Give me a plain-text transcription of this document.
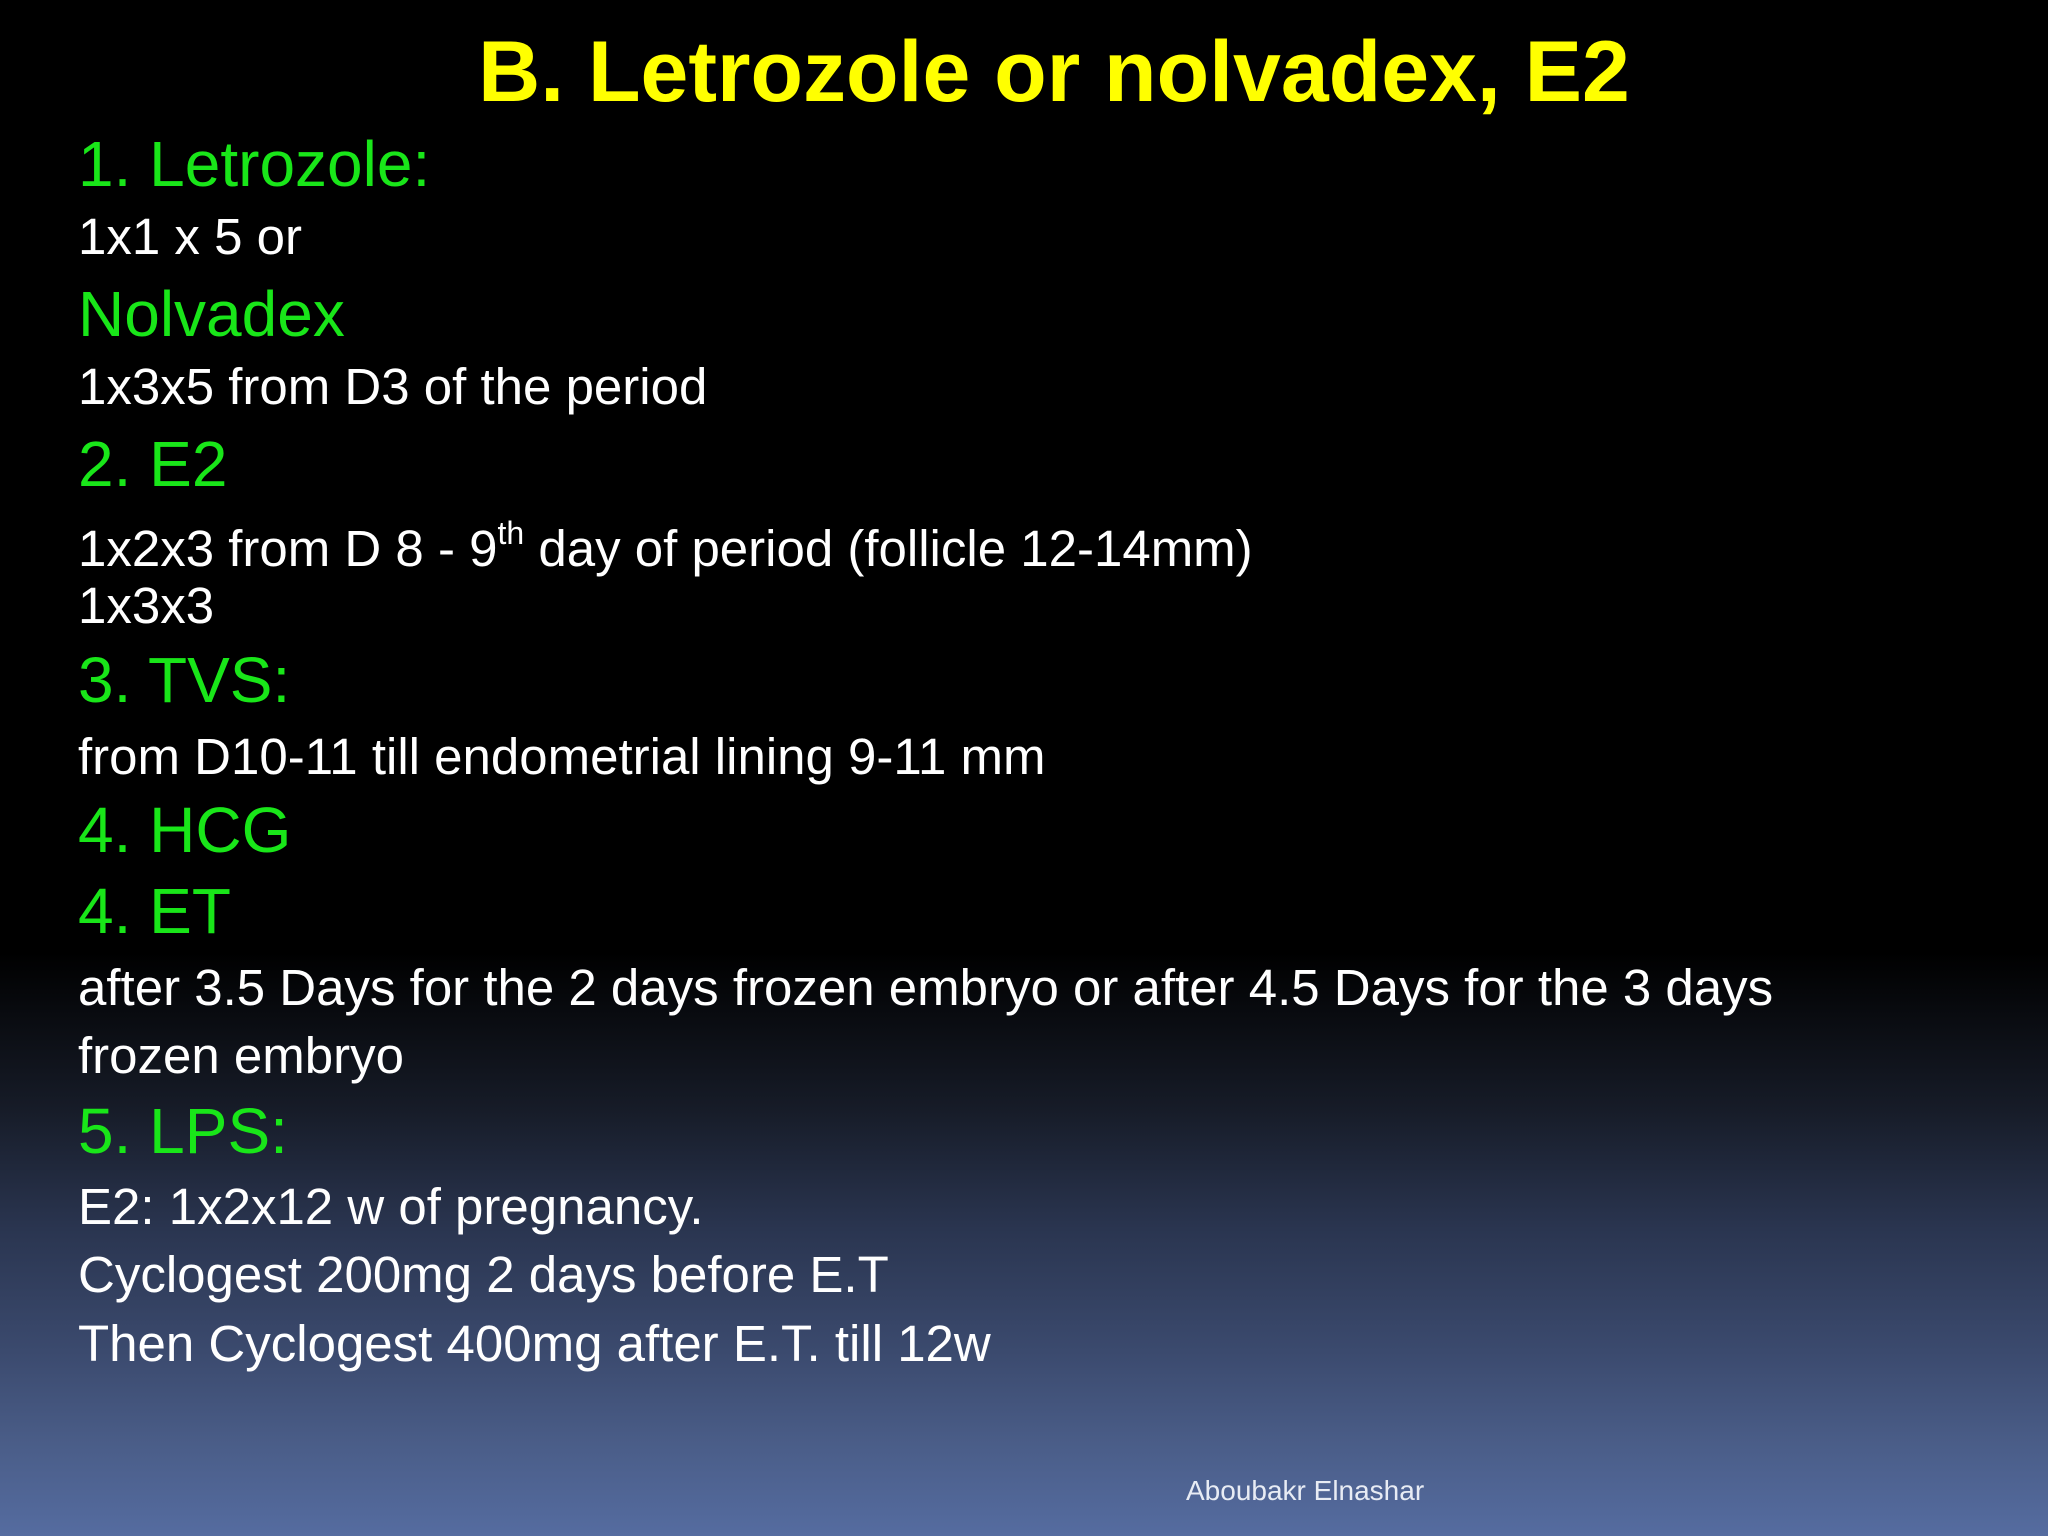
B. Letrozole or nolvadex, E2
1. Letrozole:
1x1 x 5 or
Nolvadex
1x3x5 from D3 of the period
2. E2
1x2x3 from D 8 - 9th day of period (follicle 12-14mm)
1x3x3
3. TVS:
from D10-11 till endometrial lining 9-11 mm
4. HCG
4. ET
after 3.5 Days for the 2 days frozen embryo or after 4.5 Days for the 3 days
frozen embryo
5. LPS:
E2: 1x2x12 w of pregnancy.
Cyclogest 200mg 2 days before E.T
Then Cyclogest 400mg after E.T. till 12w
Aboubakr Elnashar
